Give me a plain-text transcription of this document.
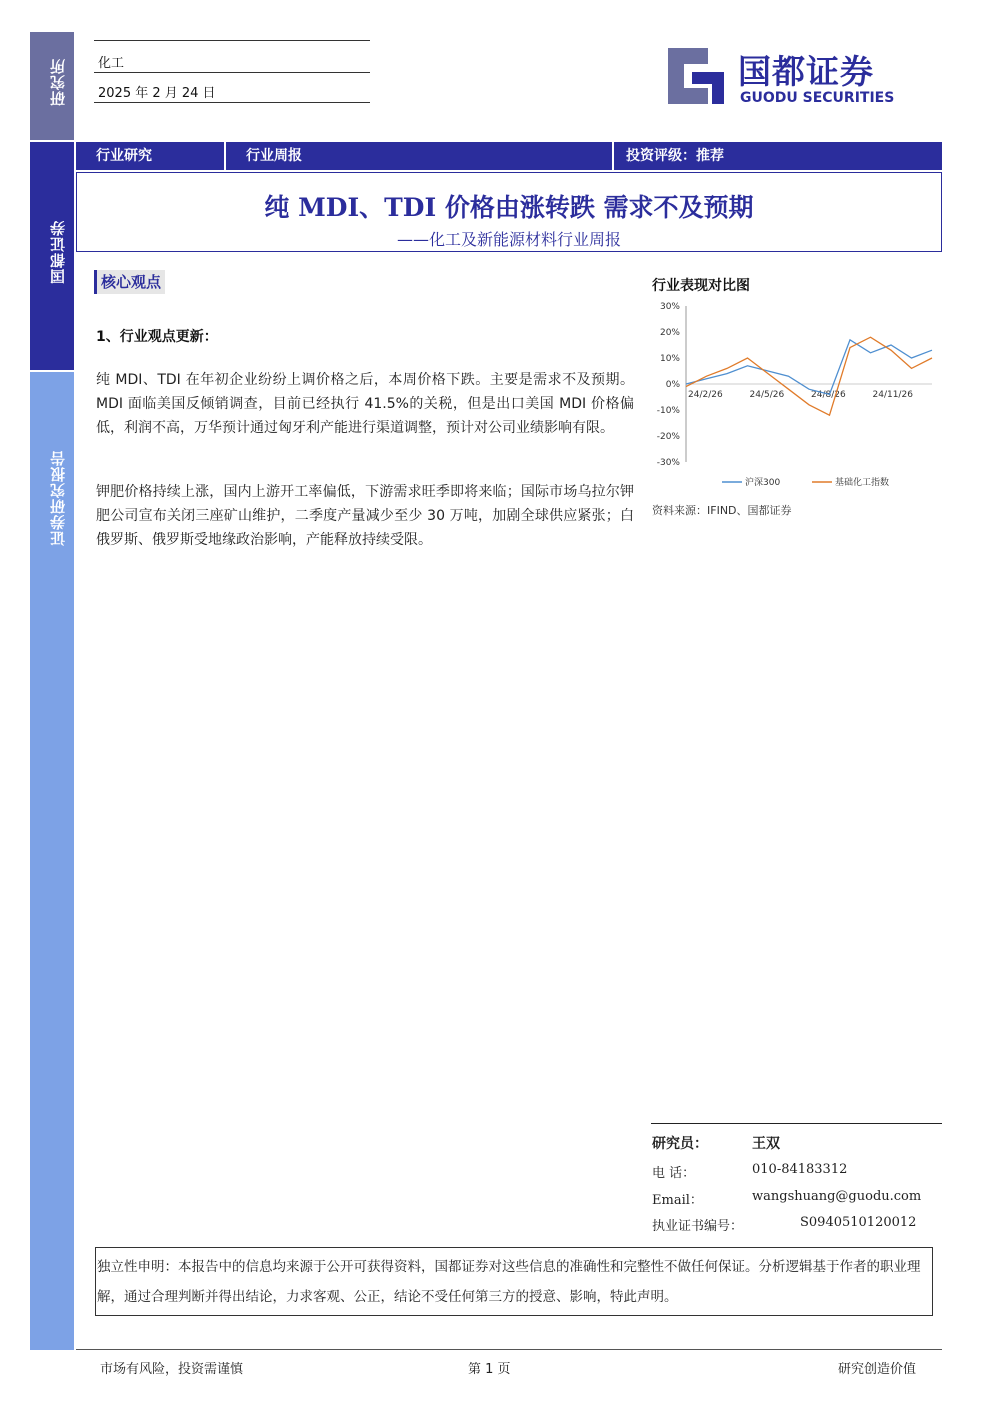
研究所
国都证券
证券研究报告
化工
2025 年 2 月 24 日
国都证券
GUODU SECURITIES
行业研究	行业周报	投资评级：推荐
纯 MDI、TDI 价格由涨转跌 需求不及预期
——化工及新能源材料行业周报
核心观点
1、行业观点更新：
纯 MDI、TDI 在年初企业纷纷上调价格之后，本周价格下跌。主要是需求不及预期。MDI 面临美国反倾销调查，目前已经执行 41.5%的关税，但是出口美国 MDI 价格偏低，利润不高，万华预计通过匈牙利产能进行渠道调整，预计对公司业绩影响有限。
钾肥价格持续上涨，国内上游开工率偏低，下游需求旺季即将来临；国际市场乌拉尔钾肥公司宣布关闭三座矿山维护，二季度产量减少至少 30 万吨，加剧全球供应紧张；白俄罗斯、俄罗斯受地缘政治影响，产能释放持续受限。
行业表现对比图
30%
20%
10%
0%
-10%
-20%
-30%
24/2/26	24/5/26	24/8/26	24/11/26
沪深300	基础化工指数
资料来源：IFIND、国都证券
研究员：	王双
电 话：	010-84183312
Email：	wangshuang@guodu.com
执业证书编号：	S0940510120012
独立性申明：本报告中的信息均来源于公开可获得资料，国都证券对这些信息的准确性和完整性不做任何保证。分析逻辑基于作者的职业理解，通过合理判断并得出结论，力求客观、公正，结论不受任何第三方的授意、影响，特此声明。
市场有风险，投资需谨慎	第 1 页	研究创造价值
